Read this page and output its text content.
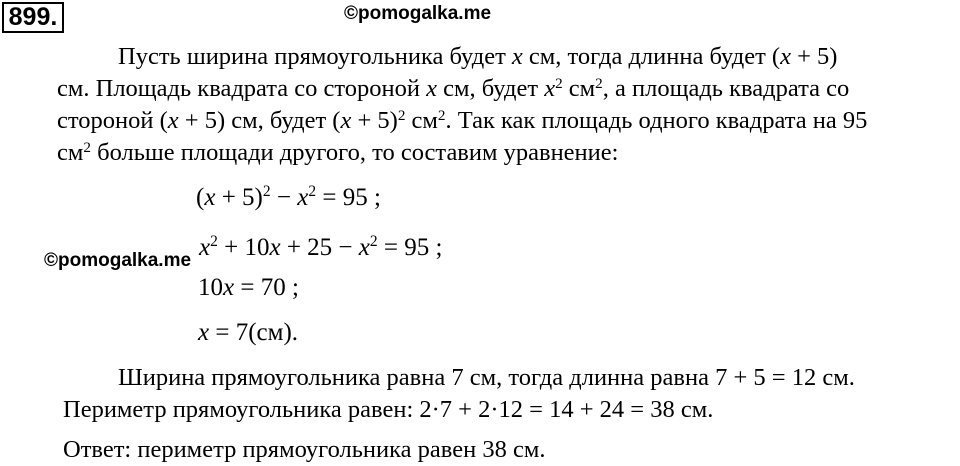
899.	©pomogalka.me
Пусть ширина прямоугольника будет x см, тогда длинна будет (x + 5)
см. Площадь квадрата со стороной x см, будет $x^2$ $см^2$, а площадь квадрата со
стороной (x + 5) см, будет $(x + 5)^2$ $см^2$. Так как площадь одного квадрата на 95
$см^2$ больше площади другого, то составим уравнение:
$(x + 5)^2 - x^2 = 95$ ;
©pomogalka.me $x^2 + 10x + 25 - x^2 = 95$ ;
10x = 70 ;
x = 7(см).
Ширина прямоугольника равна 7 см, тогда длинна равна 7 + 5 = 12 см.
Периметр прямоугольника равен: 2·7 + 2·12 = 14 + 24 = 38 см.
Ответ: периметр прямоугольника равен 38 см.
